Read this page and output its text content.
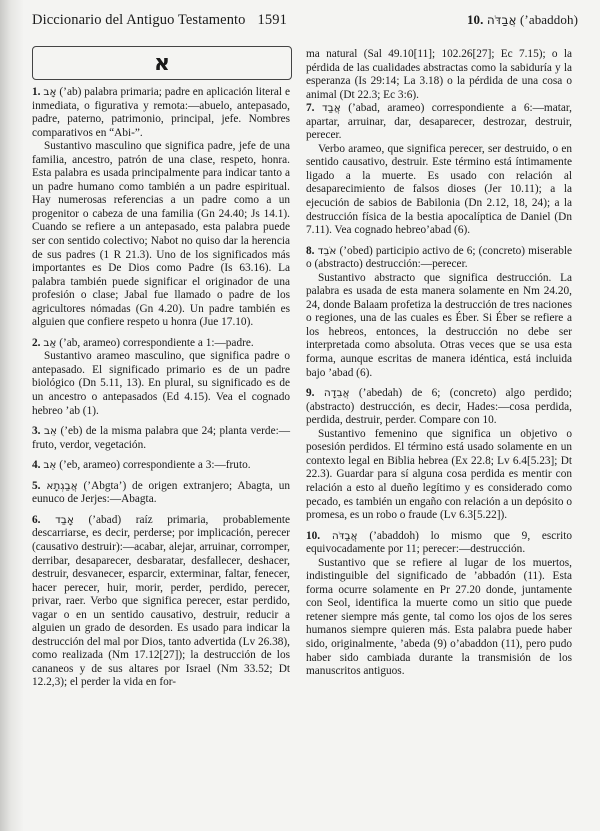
Diccionario del Antiguo Testamento 1591	10. אֲבַדֹּה (’abaddoh)
א

1. אָב (’ab) palabra primaria; padre en aplicación literal e inmediata, o figurativa y remota:—abuelo, antepasado, padre, paterno, patrimonio, principal, jefe. Nombres comparativos en “Abi-”.

Sustantivo masculino que significa padre, jefe de una familia, ancestro, patrón de una clase, respeto, honra. Esta palabra es usada principalmente para indicar tanto a un padre humano como también a un padre espiritual. Hay numerosas referencias a un padre como a un progenitor o cabeza de una familia (Gn 24.40; Js 14.1). Cuando se refiere a un antepasado, esta palabra puede ser con sentido colectivo; Nabot no quiso dar la herencia de sus padres (1 R 21.3). Uno de los significados más importantes es De Dios como Padre (Is 63.16). La palabra también puede significar el originador de una profesión o clase; Jabal fue llamado o padre de los agricultores nómadas (Gn 4.20). Un padre también es alguien que confiere respeto u honra (Jue 17.10).

2. אַב (’ab, arameo) correspondiente a 1:—padre.

Sustantivo arameo masculino, que significa padre o antepasado. El significado primario es de un padre biológico (Dn 5.11, 13). En plural, su significado es de un ancestro o antepasados (Ed 4.15). Vea el cognado hebreo ’ab (1).

3. אֵב (’eb) de la misma palabra que 24; planta verde:—fruto, verdor, vegetación.

4. אֵב (’eb, arameo) correspondiente a 3:—fruto.

5. אֲבַגְתָא (’Abgta’) de origen extranjero; Abagta, un eunuco de Jerjes:—Abagta.

6. אָבַד (’abad) raíz primaria, probablemente descarriarse, es decir, perderse; por implicación, perecer (causativo destruir):—acabar, alejar, arruinar, corromper, derribar, desaparecer, desbaratar, desfallecer, deshacer, destruir, desvanecer, esparcir, exterminar, faltar, fenecer, hacer perecer, huir, morir, perder, perdido, perecer, privar, raer. Verbo que significa perecer, estar perdido, vagar o en un sentido causativo, destruir, reducir a alguien un grado de desorden. Es usado para indicar la destrucción del mal por Dios, tanto advertida (Lv 26.38), como realizada (Nm 17.12[27]); la destrucción de los cananeos y de sus altares por Israel (Nm 33.52; Dt 12.2,3); el perder la vida en for-

ma natural (Sal 49.10[11]; 102.26[27]; Ec 7.15); o la pérdida de las cualidades abstractas como la sabiduría y la esperanza (Is 29:14; La 3.18) o la pérdida de una cosa o animal (Dt 22.3; Ec 3:6).

7. אֲבַד (’abad, arameo) correspondiente a 6:—matar, apartar, arruinar, dar, desaparecer, destrozar, destruir, perecer.

Verbo arameo, que significa perecer, ser destruido, o en sentido causativo, destruir. Este término está íntimamente ligado a la muerte. Es usado con relación al desaparecimiento de falsos dioses (Jer 10.11); a la ejecución de sabios de Babilonia (Dn 2.12, 18, 24); a la destrucción física de la bestia apocalíptica de Daniel (Dn 7.11). Vea cognado hebreo’abad (6).

8. אֹבֵד (’obed) participio activo de 6; (concreto) miserable o (abstracto) destrucción:—perecer.

Sustantivo abstracto que significa destrucción. La palabra es usada de esta manera solamente en Nm 24.20, 24, donde Balaam profetiza la destrucción de tres naciones o regiones, una de las cuales es Éber. Si Éber se refiere a los hebreos, entonces, la destrucción no debe ser interpretada como absoluta. Otras veces que se usa esta forma, aunque escritas de manera idéntica, está incluida bajo ’abad (6).

9. אֲבֵדָה (’abedah) de 6; (concreto) algo perdido; (abstracto) destrucción, es decir, Hades:—cosa perdida, perdida, destruir, perder. Compare con 10.

Sustantivo femenino que significa un objetivo o posesión perdidos. El término está usado solamente en un contexto legal en Biblia hebrea (Ex 22.8; Lv 6.4[5.23]; Dt 22.3). Guardar para sí alguna cosa perdida es mentir con relación a esto al dueño legítimo y es considerado como pecado, es también un engaño con relación a un depósito o promesa, es un robo o fraude (Lv 6.3[5.22]).

10. אֲבַדֹּה (’abaddoh) lo mismo que 9, escrito equivocadamente por 11; perecer:—destrucción.

Sustantivo que se refiere al lugar de los muertos, indistinguible del significado de ’abbadón (11). Esta forma ocurre solamente en Pr 27.20 donde, juntamente con Seol, identifica la muerte como un sitio que puede retener siempre más gente, tal como los ojos de los seres humanos siempre quieren más. Esta palabra puede haber sido, originalmente, ’abeda (9) o’abaddon (11), pero pudo haber sido cambiada durante la transmisión de los manuscritos antiguos.
